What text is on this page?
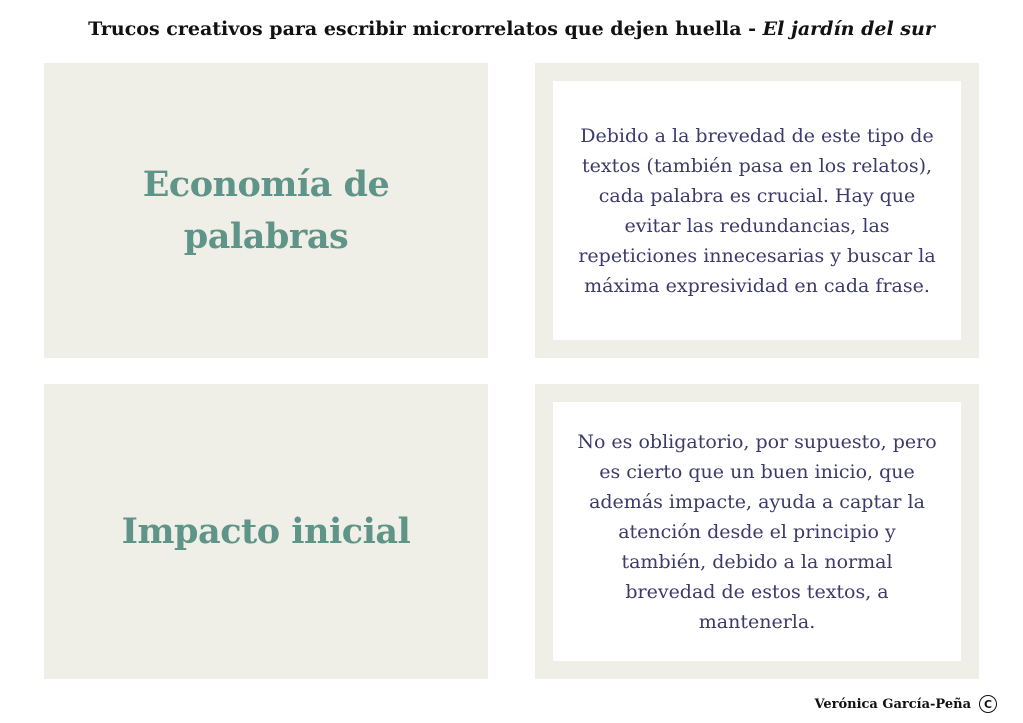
Trucos creativos para escribir microrrelatos que dejen huella - El jardín del sur

Economía de palabras

Debido a la brevedad de este tipo de textos (también pasa en los relatos), cada palabra es crucial. Hay que evitar las redundancias, las repeticiones innecesarias y buscar la máxima expresividad en cada frase.

Impacto inicial

No es obligatorio, por supuesto, pero es cierto que un buen inicio, que además impacte, ayuda a captar la atención desde el principio y también, debido a la normal brevedad de estos textos, a mantenerla.

Verónica García-Peña	C
